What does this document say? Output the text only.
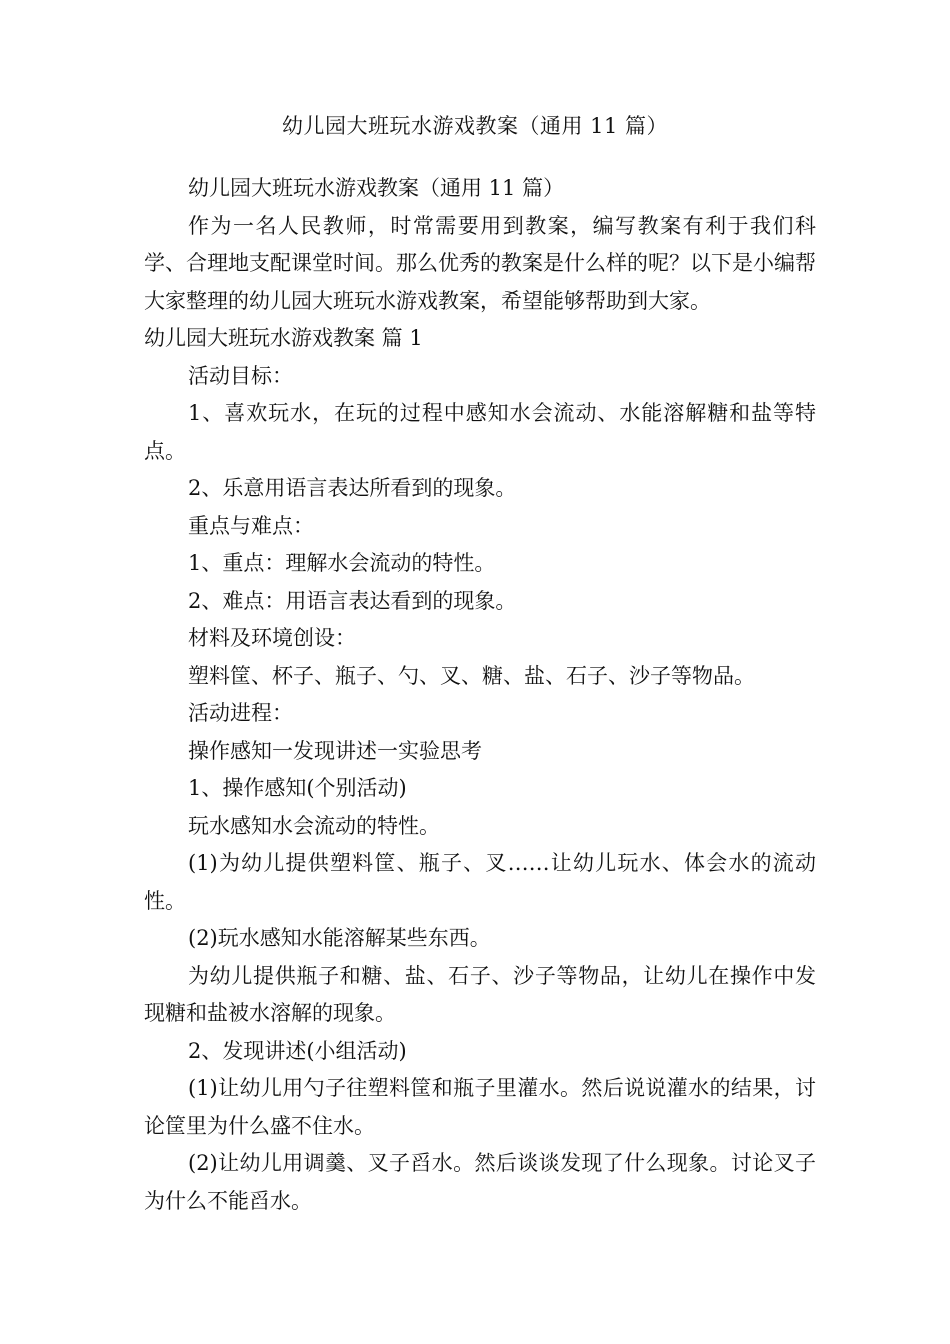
幼儿园大班玩水游戏教案（通用 11 篇）

幼儿园大班玩水游戏教案（通用 11 篇）

作为一名人民教师，时常需要用到教案，编写教案有利于我们科学、合理地支配课堂时间。那么优秀的教案是什么样的呢？以下是小编帮大家整理的幼儿园大班玩水游戏教案，希望能够帮助到大家。

幼儿园大班玩水游戏教案 篇 1

活动目标：

1、喜欢玩水，在玩的过程中感知水会流动、水能溶解糖和盐等特点。

2、乐意用语言表达所看到的现象。

重点与难点：

1、重点：理解水会流动的特性。

2、难点：用语言表达看到的现象。

材料及环境创设：

塑料筐、杯子、瓶子、勺、叉、糖、盐、石子、沙子等物品。

活动进程：

操作感知一发现讲述一实验思考

1、操作感知(个别活动)

玩水感知水会流动的特性。

(1)为幼儿提供塑料筐、瓶子、叉……让幼儿玩水、体会水的流动性。

(2)玩水感知水能溶解某些东西。

为幼儿提供瓶子和糖、盐、石子、沙子等物品，让幼儿在操作中发现糖和盐被水溶解的现象。

2、发现讲述(小组活动)

(1)让幼儿用勺子往塑料筐和瓶子里灌水。然后说说灌水的结果，讨论筐里为什么盛不住水。

(2)让幼儿用调羹、叉子舀水。然后谈谈发现了什么现象。讨论叉子为什么不能舀水。
